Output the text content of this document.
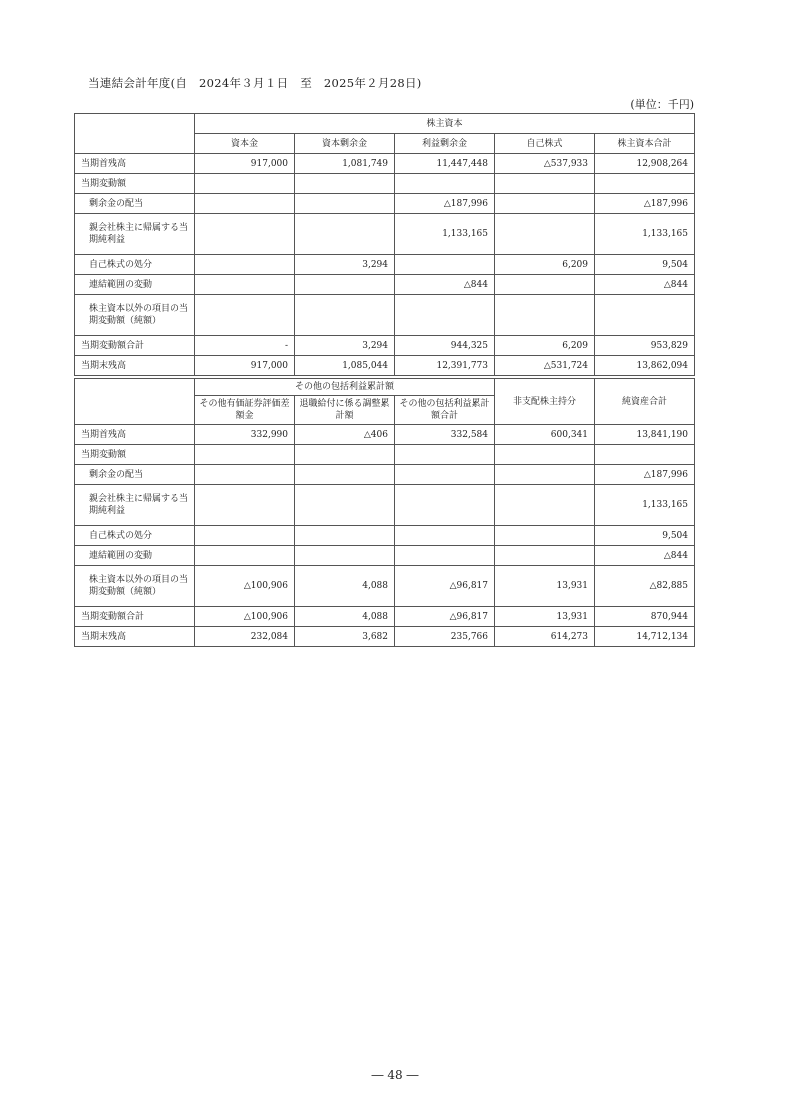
当連結会計年度(自　2024年３月１日　至　2025年２月28日)
(単位：千円)
	株主資本				
	資本金	資本剰余金	利益剰余金	自己株式	株主資本合計
当期首残高	917,000	1,081,749	11,447,448	△537,933	12,908,264
当期変動額					
剰余金の配当			△187,996		△187,996
親会社株主に帰属する当期純利益			1,133,165		1,133,165
自己株式の処分		3,294		6,209	9,504
連結範囲の変動			△844		△844
株主資本以外の項目の当期変動額（純額）					
当期変動額合計	-	3,294	944,325	6,209	953,829
当期末残高	917,000	1,085,044	12,391,773	△531,724	13,862,094
	その他の包括利益累計額			非支配株主持分	純資産合計
	その他有価証券評価差額金	退職給付に係る調整累計額	その他の包括利益累計額合計		
当期首残高	332,990	△406	332,584	600,341	13,841,190
当期変動額					
剰余金の配当					△187,996
親会社株主に帰属する当期純利益					1,133,165
自己株式の処分					9,504
連結範囲の変動					△844
株主資本以外の項目の当期変動額（純額）	△100,906	4,088	△96,817	13,931	△82,885
当期変動額合計	△100,906	4,088	△96,817	13,931	870,944
当期末残高	232,084	3,682	235,766	614,273	14,712,134
― 48 ―
